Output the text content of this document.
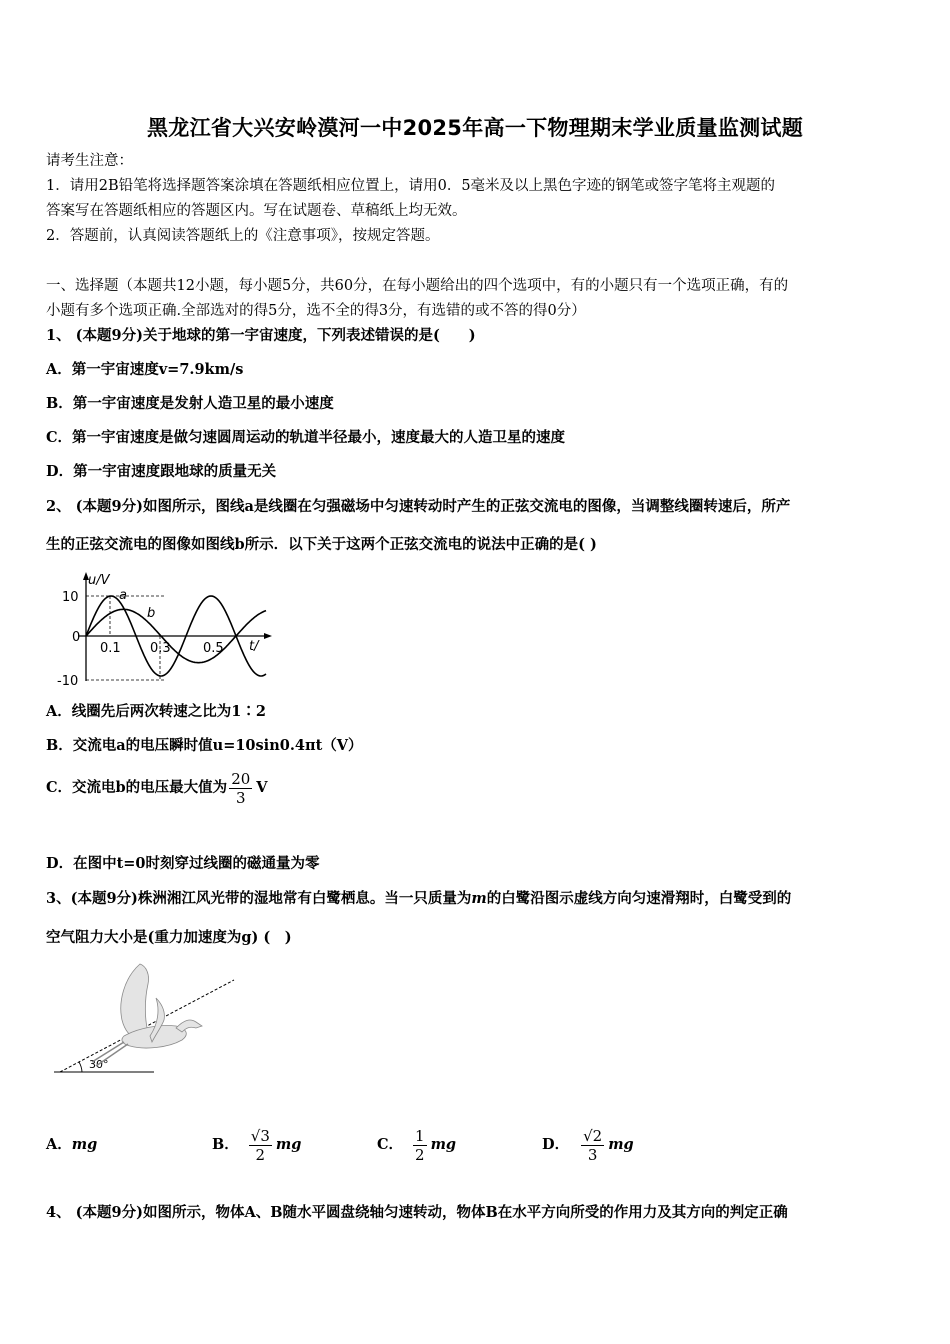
黑龙江省大兴安岭漠河一中2025年高一下物理期末学业质量监测试题
请考生注意：
1．请用2B铅笔将选择题答案涂填在答题纸相应位置上，请用0．5毫米及以上黑色字迹的钢笔或签字笔将主观题的
答案写在答题纸相应的答题区内。写在试题卷、草稿纸上均无效。
2．答题前，认真阅读答题纸上的《注意事项》，按规定答题。
一、选择题（本题共12小题，每小题5分，共60分，在每小题给出的四个选项中，有的小题只有一个选项正确，有的
小题有多个选项正确.全部选对的得5分，选不全的得3分，有选错的或不答的得0分）
1、 (本题9分)关于地球的第一宇宙速度，下列表述错误的是(　　)
A．第一宇宙速度v=7.9km/s
B．第一宇宙速度是发射人造卫星的最小速度
C．第一宇宙速度是做匀速圆周运动的轨道半径最小，速度最大的人造卫星的速度
D．第一宇宙速度跟地球的质量无关
2、 (本题9分)如图所示，图线a是线圈在匀强磁场中匀速转动时产生的正弦交流电的图像，当调整线圈转速后，所产
生的正弦交流电的图像如图线b所示．以下关于这两个正弦交流电的说法中正确的是( )
u/V
t/
10
0
-10
0.1 0.3 0.5
a
b
A．线圈先后两次转速之比为1∶2
B．交流电a的电压瞬时值u=10sin0.4πt（V）
C．交流电b的电压最大值为 $\frac{20}{3}$ V
D．在图中t=0时刻穿过线圈的磁通量为零
3、(本题9分)株洲湘江风光带的湿地常有白鹭栖息。当一只质量为m的白鹭沿图示虚线方向匀速滑翔时，白鹭受到的
空气阻力大小是(重力加速度为g) (　)
30°
A． mg	B． $\frac{√3}{2}$ mg	C． $\frac{1}{2}$ mg	D． $\frac{√2}{3}$ mg
4、 (本题9分)如图所示，物体A、B随水平圆盘绕轴匀速转动，物体B在水平方向所受的作用力及其方向的判定正确
